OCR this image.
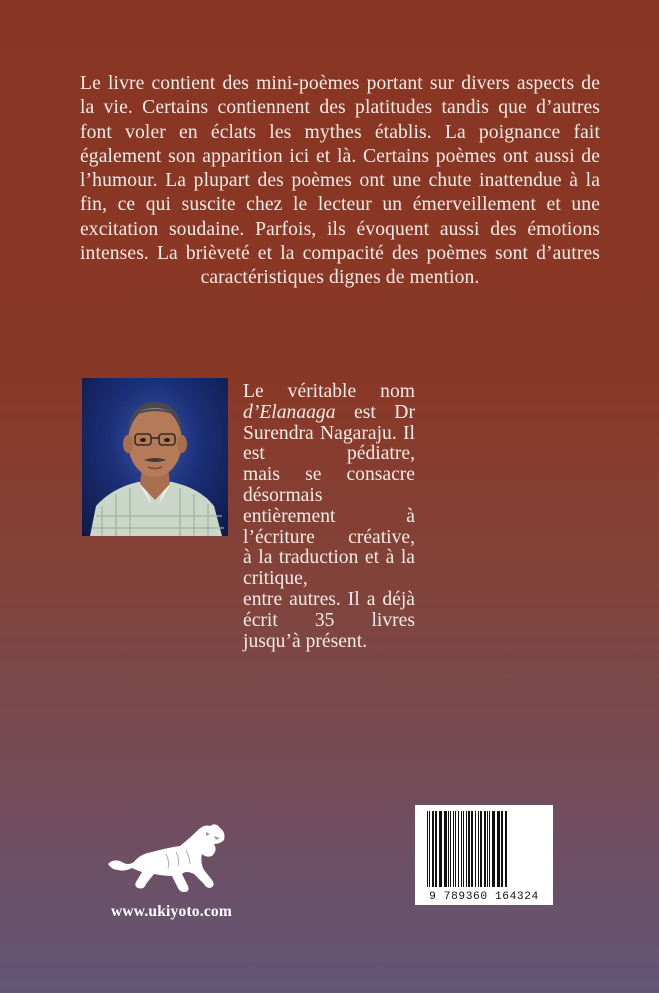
Le livre contient des mini-poèmes portant sur divers aspects de la vie. Certains contiennent des platitudes tandis que d’autres font voler en éclats les mythes établis. La poignance fait également son apparition ici et là. Certains poèmes ont aussi de l’humour. La plupart des poèmes ont une chute inattendue à la fin, ce qui suscite chez le lecteur un émerveillement et une excitation soudaine. Parfois, ils évoquent aussi des émotions intenses. La brièveté et la compacité des poèmes sont d’autres caractéristiques dignes de mention.
Le véritable nom d’Elanaaga est Dr
Surendra Nagaraju. Il est pédiatre,
mais se consacre désormais
entièrement à l’écriture créative,
à la traduction et à la critique,
entre autres. Il a déjà écrit 35 livres
jusqu’à présent.
www.ukiyoto.com
9 789360 164324
